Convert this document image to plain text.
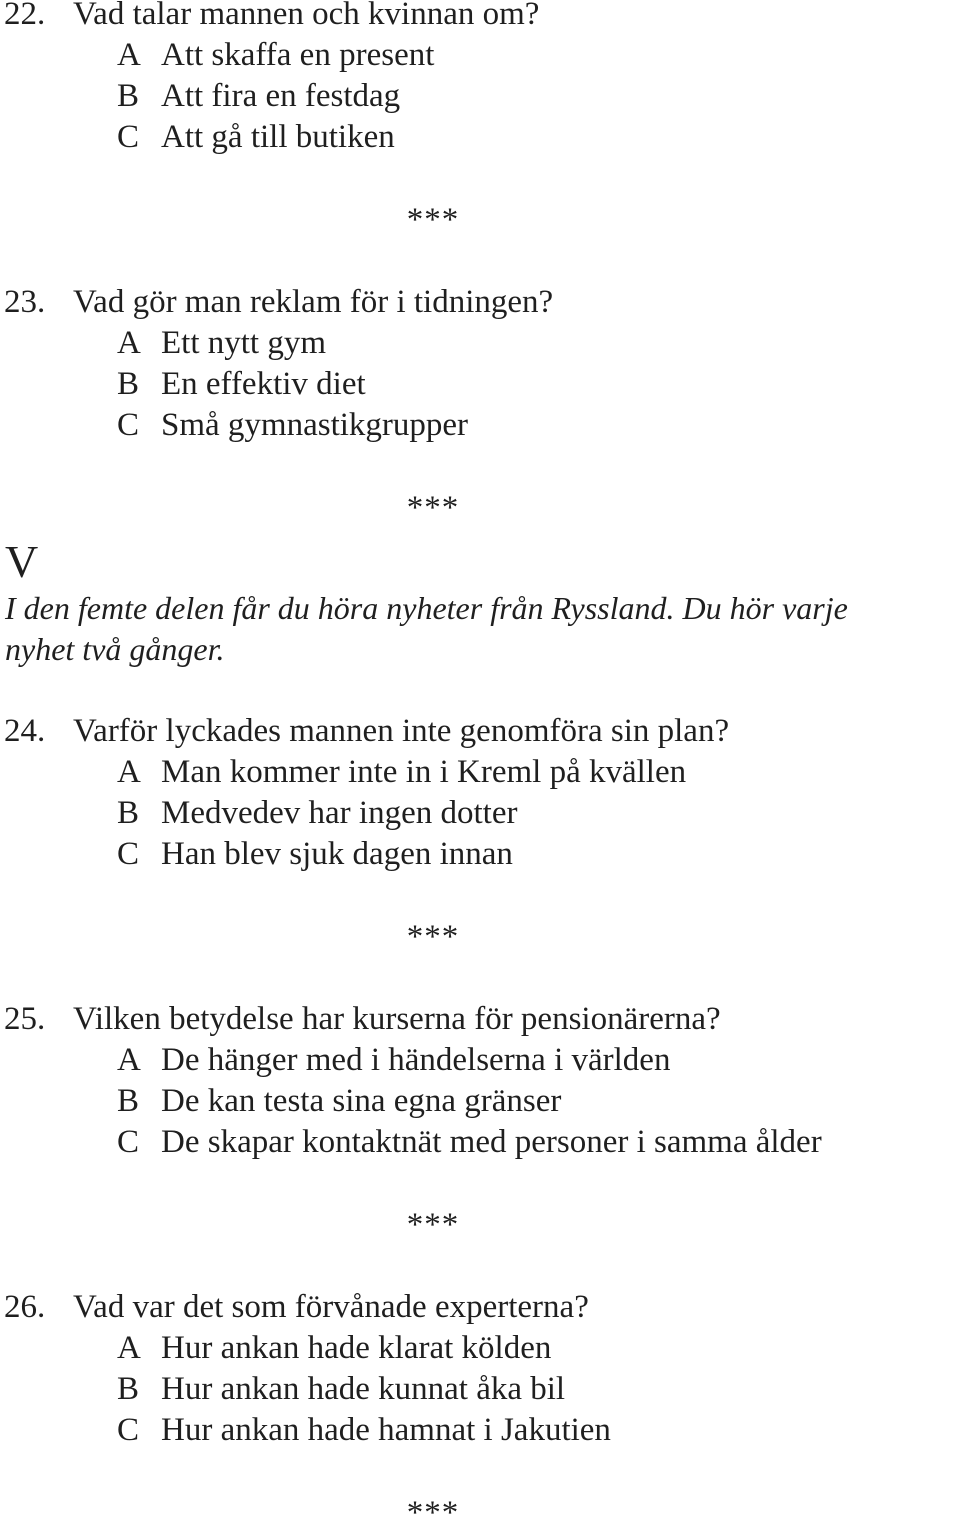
22. Vad talar mannen och kvinnan om?
A Att skaffa en present
B Att fira en festdag
C Att gå till butiken
***
23. Vad gör man reklam för i tidningen?
A Ett nytt gym
B En effektiv diet
C Små gymnastikgrupper
***
V
I den femte delen får du höra nyheter från Ryssland. Du hör varje
nyhet två gånger.
24. Varför lyckades mannen inte genomföra sin plan?
A Man kommer inte in i Kreml på kvällen
B Medvedev har ingen dotter
C Han blev sjuk dagen innan
***
25. Vilken betydelse har kurserna för pensionärerna?
A De hänger med i händelserna i världen
B De kan testa sina egna gränser
C De skapar kontaktnät med personer i samma ålder
***
26. Vad var det som förvånade experterna?
A Hur ankan hade klarat kölden
B Hur ankan hade kunnat åka bil
C Hur ankan hade hamnat i Jakutien
***
